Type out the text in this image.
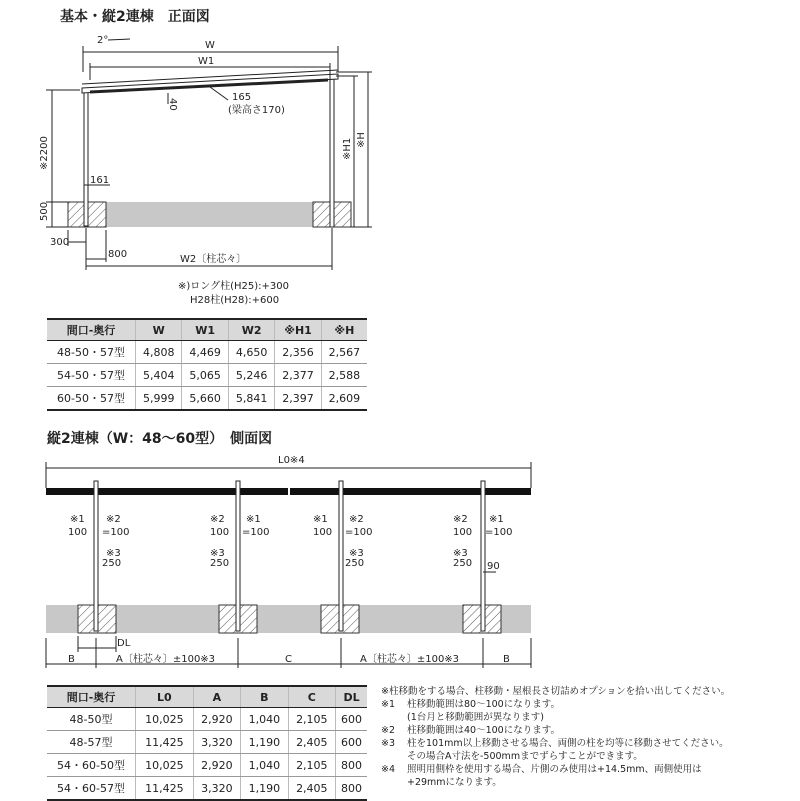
基本・縦2連棟　正面図
2°	W
W1
40
165
(梁高さ170)
※2200
500
※H1 ※H
161
300
800	W2〔柱芯々〕
※)ロング柱(H25):+300
H28柱(H28):+600
縦2連棟（W：48〜60型）　側面図
※1
100
※2
=100
※3
250
※2
100
※1
=100
※3
250
※1
100
※2
=100
※3
250
※2
100
※1
=100
※3
250 90
L0※4
DL
B	A〔柱芯々〕±100※3	C	A〔柱芯々〕±100※3	B
間口-奥行	W	W1	W2	※H1	※H
48-50・57型	4,808	4,469	4,650	2,356	2,567
54-50・57型	5,404	5,065	5,246	2,377	2,588
60-50・57型	5,999	5,660	5,841	2,397	2,609
間口-奥行	L0	A	B	C	DL
48-50型	10,025	2,920	1,040	2,105	600
48-57型	11,425	3,320	1,190	2,405	600
54・60-50型	10,025	2,920	1,040	2,105	800
54・60-57型	11,425	3,320	1,190	2,405	800
※柱移動をする場合、柱移動・屋根長さ切詰めオプションを拾い出してください。
※1 柱移動範囲は80〜100になります。
(1台月と移動範囲が異なります)
※2 柱移動範囲は40〜100になります。
※3 柱を101mm以上移動させる場合、両側の柱を均等に移動させてください。
その場合A寸法を-500mmまでずらすことができます。
※4 照明用側枠を使用する場合、片側のみ使用は+14.5mm、両側使用は
+29mmになります。
